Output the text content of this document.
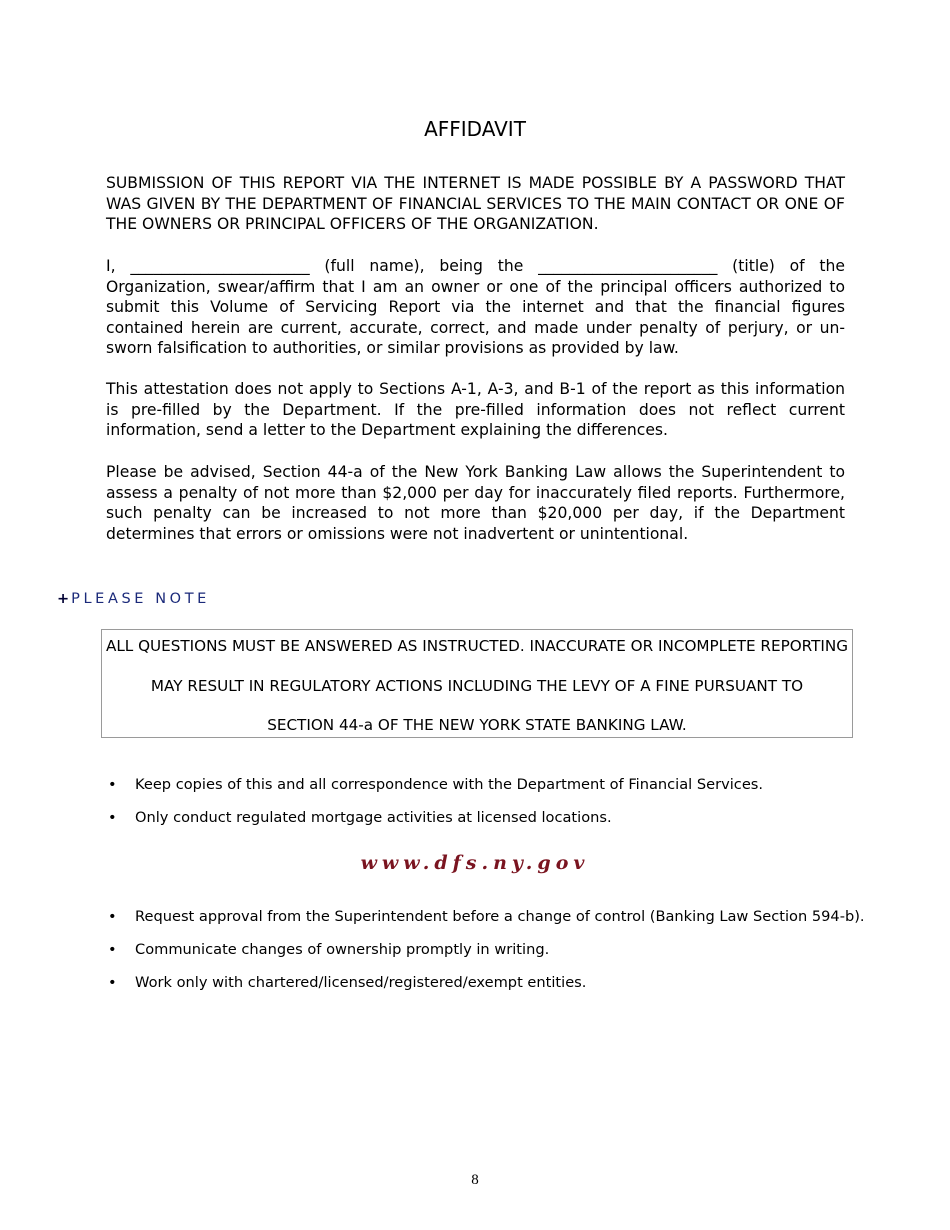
AFFIDAVIT

SUBMISSION OF THIS REPORT VIA THE INTERNET IS MADE POSSIBLE BY A PASSWORD THAT WAS GIVEN BY THE DEPARTMENT OF FINANCIAL SERVICES TO THE MAIN CONTACT OR ONE OF THE OWNERS OR PRINCIPAL OFFICERS OF THE ORGANIZATION.

I, _______________________ (full name), being the _______________________ (title) of the Organization, swear/affirm that I am an owner or one of the principal officers authorized to submit this Volume of Servicing Report via the internet and that the financial figures contained herein are current, accurate, correct, and made under penalty of perjury, or un-sworn falsification to authorities, or similar provisions as provided by law.

This attestation does not apply to Sections A-1, A-3, and B-1 of the report as this information is pre-filled by the Department. If the pre-filled information does not reflect current information, send a letter to the Department explaining the differences.

Please be advised, Section 44-a of the New York Banking Law allows the Superintendent to assess a penalty of not more than $2,000 per day for inaccurately filed reports. Furthermore, such penalty can be increased to not more than $20,000 per day, if the Department determines that errors or omissions were not inadvertent or unintentional.

+ PLEASE NOTE
ALL QUESTIONS MUST BE ANSWERED AS INSTRUCTED. INACCURATE OR INCOMPLETE REPORTING
MAY RESULT IN REGULATORY ACTIONS INCLUDING THE LEVY OF A FINE PURSUANT TO
SECTION 44-a OF THE NEW YORK STATE BANKING LAW.
• Keep copies of this and all correspondence with the Department of Financial Services.
• Only conduct regulated mortgage activities at licensed locations.
www.dfs.ny.gov
• Request approval from the Superintendent before a change of control (Banking Law Section 594-b).
• Communicate changes of ownership promptly in writing.
• Work only with chartered/licensed/registered/exempt entities.
8
